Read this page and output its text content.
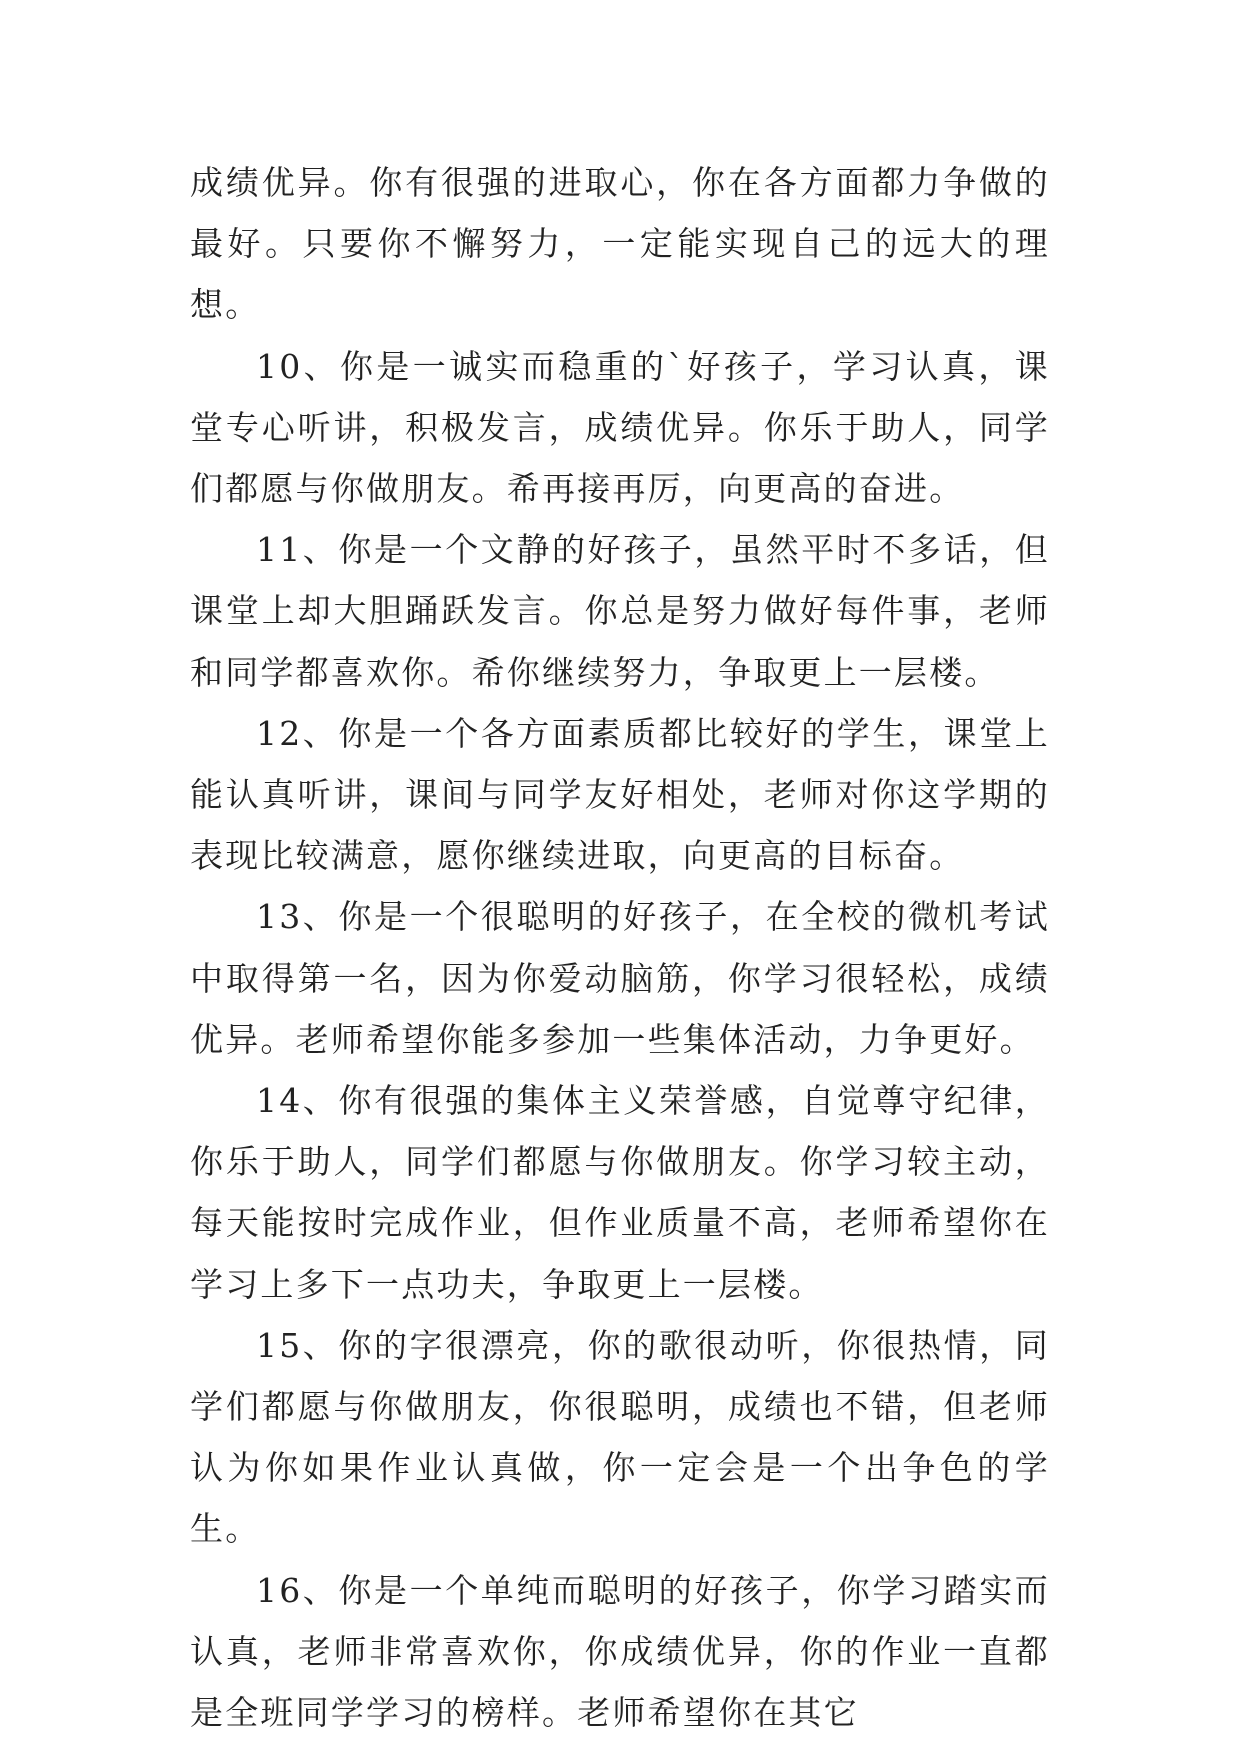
成绩优异。你有很强的进取心，你在各方面都力争做的最好。只要你不懈努力，一定能实现自己的远大的理想。

10、你是一诚实而稳重的`好孩子，学习认真，课堂专心听讲，积极发言，成绩优异。你乐于助人，同学们都愿与你做朋友。希再接再厉，向更高的奋进。

11、你是一个文静的好孩子，虽然平时不多话，但课堂上却大胆踊跃发言。你总是努力做好每件事，老师和同学都喜欢你。希你继续努力，争取更上一层楼。

12、你是一个各方面素质都比较好的学生，课堂上能认真听讲，课间与同学友好相处，老师对你这学期的表现比较满意，愿你继续进取，向更高的目标奋。

13、你是一个很聪明的好孩子，在全校的微机考试中取得第一名，因为你爱动脑筋，你学习很轻松，成绩优异。老师希望你能多参加一些集体活动，力争更好。

14、你有很强的集体主义荣誉感，自觉尊守纪律，你乐于助人，同学们都愿与你做朋友。你学习较主动，每天能按时完成作业，但作业质量不高，老师希望你在学习上多下一点功夫，争取更上一层楼。

15、你的字很漂亮，你的歌很动听，你很热情，同学们都愿与你做朋友，你很聪明，成绩也不错，但老师认为你如果作业认真做，你一定会是一个出争色的学生。

16、你是一个单纯而聪明的好孩子，你学习踏实而认真，老师非常喜欢你，你成绩优异，你的作业一直都是全班同学学习的榜样。老师希望你在其它
